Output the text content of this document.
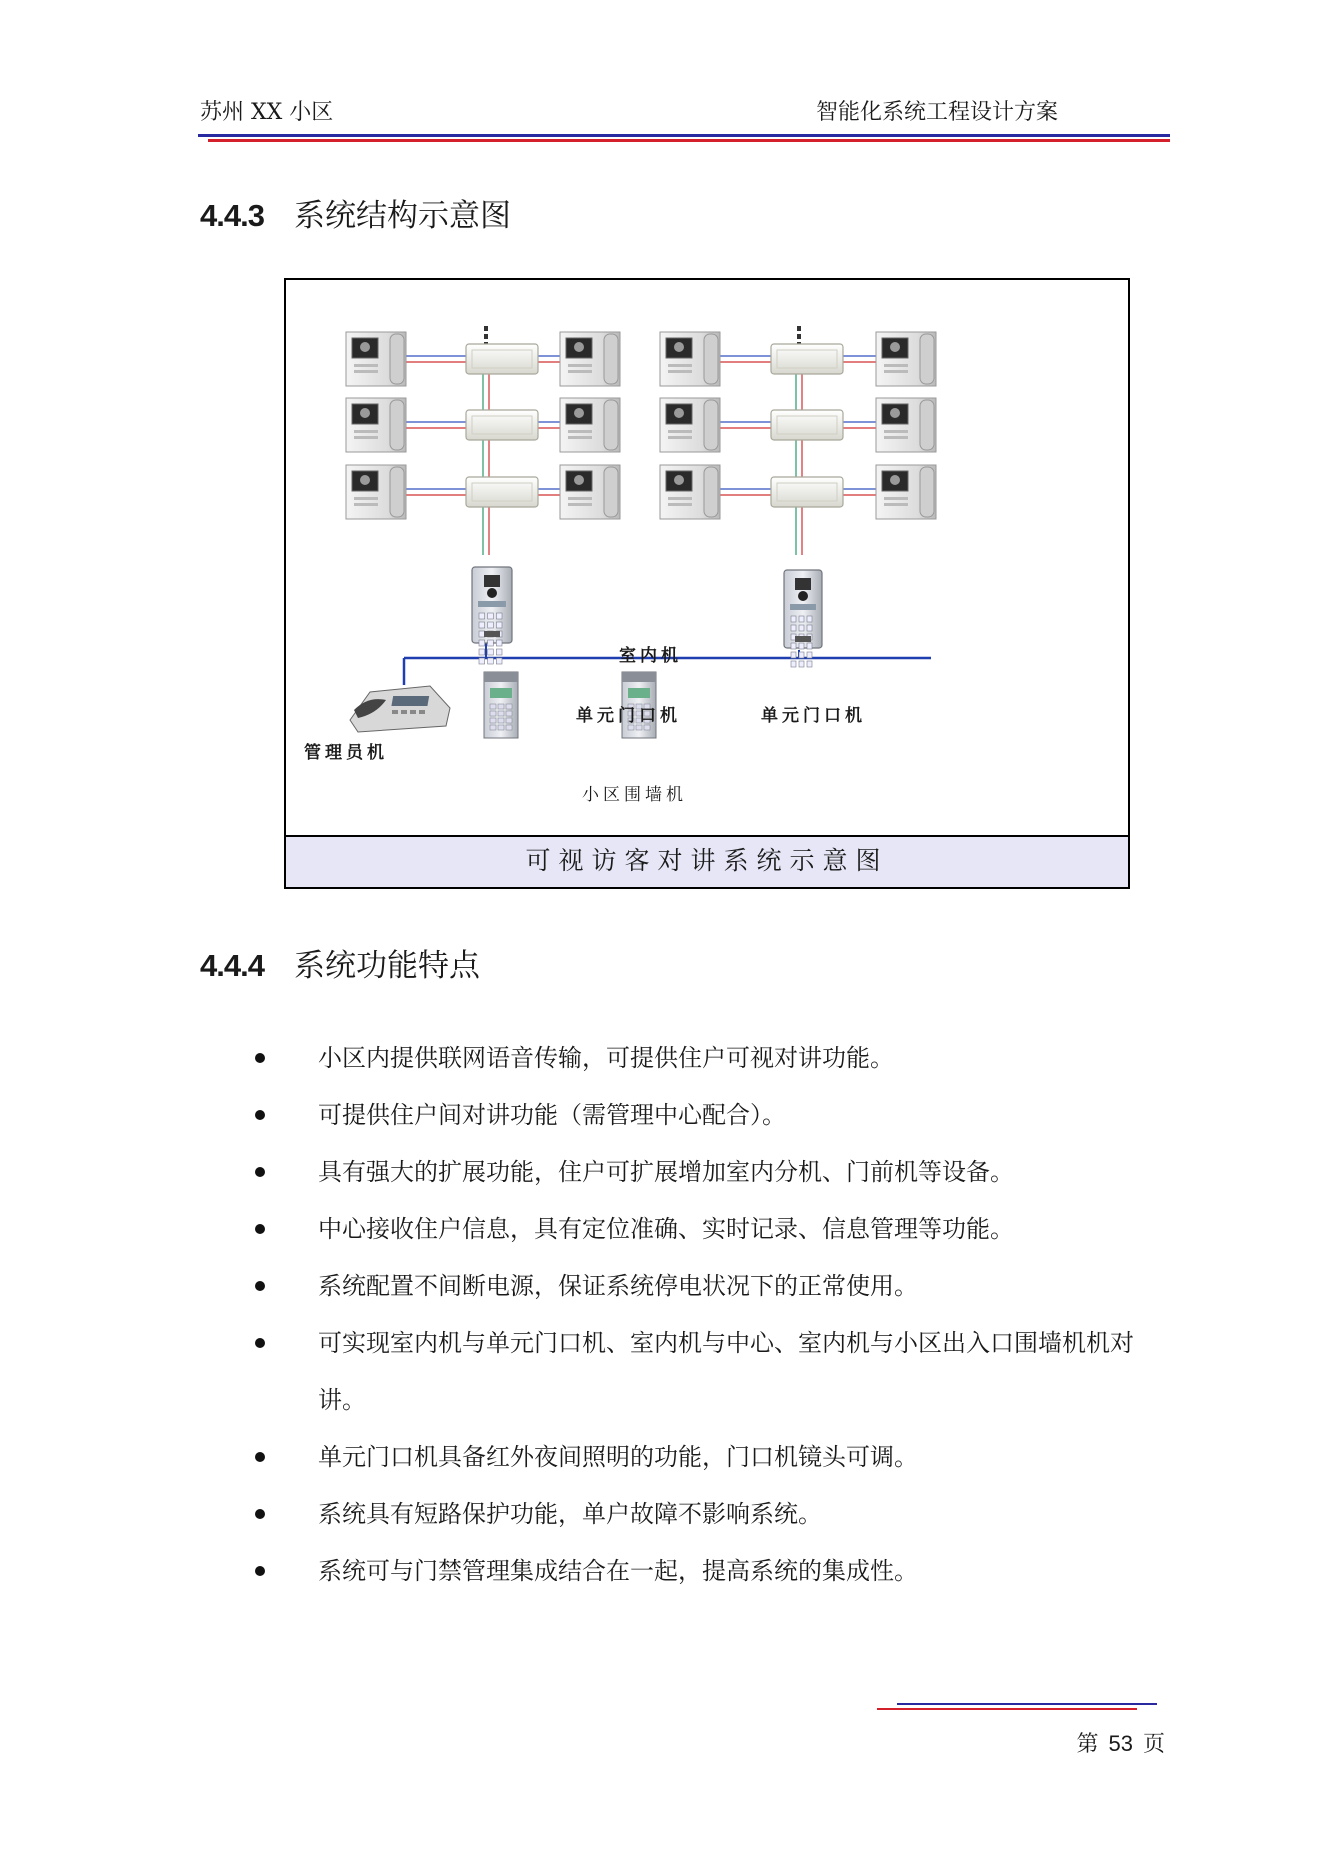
苏州 XX 小区	智能化系统工程设计方案
4.4.3 系统结构示意图
室内机
单元门口机	单元门口机
管理员机
小区围墙机
可视访客对讲系统示意图
4.4.4 系统功能特点
小区内提供联网语音传输，可提供住户可视对讲功能。
可提供住户间对讲功能（需管理中心配合）。
具有强大的扩展功能，住户可扩展增加室内分机、门前机等设备。
中心接收住户信息，具有定位准确、实时记录、信息管理等功能。
系统配置不间断电源，保证系统停电状况下的正常使用。
可实现室内机与单元门口机、室内机与中心、室内机与小区出入口围墙机机对讲。
单元门口机具备红外夜间照明的功能，门口机镜头可调。
系统具有短路保护功能，单户故障不影响系统。
系统可与门禁管理集成结合在一起，提高系统的集成性。
第 53 页
